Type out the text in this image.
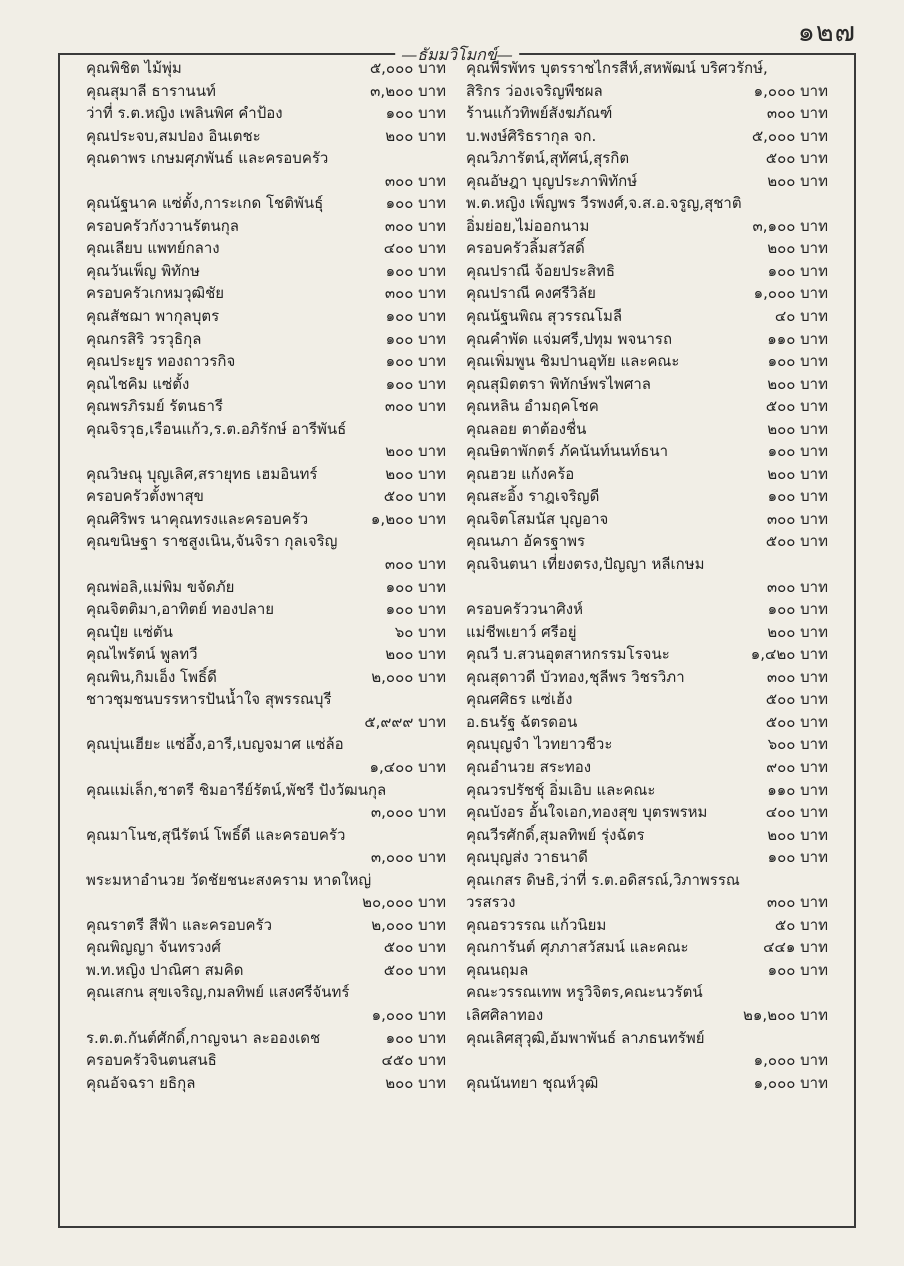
๑๒๗
— ธัมมวิโมกข์ —
คุณพิชิต ไม้พุ่ม	๕,๐๐๐ บาท
คุณสุมาลี ธารานนท์	๓,๒๐๐ บาท
ว่าที่ ร.ต.หญิง เพลินพิศ คำป้อง	๑๐๐ บาท
คุณประจบ,สมปอง อินเตชะ	๒๐๐ บาท
คุณดาพร เกษมศุภพันธ์ และครอบครัว
๓๐๐ บาท
คุณนัฐนาค แซ่ตั้ง,การะเกด โชติพันธุ์	๑๐๐ บาท
ครอบครัวกังวานรัตนกุล	๓๐๐ บาท
คุณเลียบ แพทย์กลาง	๔๐๐ บาท
คุณวันเพ็ญ พิทักษ	๑๐๐ บาท
ครอบครัวเกหมวุฒิชัย	๓๐๐ บาท
คุณสัชฌา พากุลบุตร	๑๐๐ บาท
คุณกรสิริ วรวุธิกุล	๑๐๐ บาท
คุณประยูร ทองถาวรกิจ	๑๐๐ บาท
คุณไชคิม แซ่ตั้ง	๑๐๐ บาท
คุณพรภิรมย์ รัตนธารี	๓๐๐ บาท
คุณจิรวุธ,เรือนแก้ว,ร.ต.อภิรักษ์ อารีพันธ์
๒๐๐ บาท
คุณวิษณุ บุญเลิศ,สรายุทธ เฮมอินทร์	๒๐๐ บาท
ครอบครัวตั้งพาสุข	๕๐๐ บาท
คุณศิริพร นาคุณทรงและครอบครัว	๑,๒๐๐ บาท
คุณขนิษฐา ราชสูงเนิน,จันจิรา กุลเจริญ
๓๐๐ บาท
คุณพ่อลิ,แม่พิม ขจัดภัย	๑๐๐ บาท
คุณจิตติมา,อาทิตย์ ทองปลาย	๑๐๐ บาท
คุณปุ๋ย แซ่ตัน	๖๐ บาท
คุณไพรัตน์ พูลทวี	๒๐๐ บาท
คุณพิน,กิมเอ็ง โพธิ์ดี	๒,๐๐๐ บาท
ชาวชุมชนบรรหารปันน้ำใจ สุพรรณบุรี
๕,๙๙๙ บาท
คุณบุ่นเฮียะ แซ่อึ้ง,อารี,เบญจมาศ แซ่ล้อ
๑,๔๐๐ บาท
คุณแม่เล็ก,ชาตรี ชิมอารีย์รัตน์,พัชรี ปังวัฒนกุล
๓,๐๐๐ บาท
คุณมาโนช,สุนีรัตน์ โพธิ์ดี และครอบครัว
๓,๐๐๐ บาท
พระมหาอำนวย วัดชัยชนะสงคราม หาดใหญ่
๒๐,๐๐๐ บาท
คุณราตรี สีฟ้า และครอบครัว	๒,๐๐๐ บาท
คุณพิญญา จันทรวงศ์	๕๐๐ บาท
พ.ท.หญิง ปาณิศา สมคิด	๕๐๐ บาท
คุณเสกน สุขเจริญ,กมลทิพย์ แสงศรีจันทร์
๑,๐๐๐ บาท
ร.ต.ต.กันต์ศักดิ์,กาญจนา ละอองเดช	๑๐๐ บาท
ครอบครัวจินตนสนธิ	๔๕๐ บาท
คุณอัจฉรา ยธิกุล	๒๐๐ บาท
คุณพีรพัทร บุตรราชไกรสีห์,สหพัฒน์ บริศวรักษ์,
สิริกร ว่องเจริญพืชผล	๑,๐๐๐ บาท
ร้านแก้วทิพย์สังฆภัณฑ์	๓๐๐ บาท
บ.พงษ์ศิริธรากุล จก.	๕,๐๐๐ บาท
คุณวิภารัตน์,สุทัศน์,สุรกิต	๕๐๐ บาท
คุณอัษฎา บุญประภาพิทักษ์	๒๐๐ บาท
พ.ต.หญิง เพ็ญพร วีรพงศ์,จ.ส.อ.จรูญ,สุชาติ
อิ่มย่อย,ไม่ออกนาม	๓,๑๐๐ บาท
ครอบครัวลิ้มสวัสดิ์	๒๐๐ บาท
คุณปราณี จ้อยประสิทธิ	๑๐๐ บาท
คุณปราณี คงศรีวิลัย	๑,๐๐๐ บาท
คุณนัฐนพิณ สุวรรณโมลี	๔๐ บาท
คุณคำพัด แจ่มศรี,ปทุม พจนารถ	๑๑๐ บาท
คุณเพิ่มพูน ชิมปานอุทัย และคณะ	๑๐๐ บาท
คุณสุมิตตรา พิทักษ์พรไพศาล	๒๐๐ บาท
คุณหลิน อำมฤคโชค	๕๐๐ บาท
คุณลอย ตาต้องชื่น	๒๐๐ บาท
คุณษิตาพักตร์ ภัคนันท์นนท์ธนา	๑๐๐ บาท
คุณฮวย แก้งคร้อ	๒๐๐ บาท
คุณสะอิ้ง ราฎเจริญดี	๑๐๐ บาท
คุณจิตโสมนัส บุญอาจ	๓๐๐ บาท
คุณนภา อัครฐาพร	๕๐๐ บาท
คุณจินตนา เที่ยงตรง,ปัญญา หลีเกษม
๓๐๐ บาท
ครอบครัววนาศิงห์	๑๐๐ บาท
แม่ชีพเยาว์ ศรีอยู่	๒๐๐ บาท
คุณวี บ.สวนอุตสาหกรรมโรจนะ	๑,๔๒๐ บาท
คุณสุดาวดี บัวทอง,ชุลีพร วิชรวิภา	๓๐๐ บาท
คุณศศิธร แซ่เฮ้ง	๕๐๐ บาท
อ.ธนรัฐ ฉัตรดอน	๕๐๐ บาท
คุณบุญจำ ไวทยาวชีวะ	๖๐๐ บาท
คุณอำนวย สระทอง	๙๐๐ บาท
คุณวรปรัชชุ์ อิ่มเอิบ และคณะ	๑๑๐ บาท
คุณบังอร อั้นใจเอก,ทองสุข บุตรพรหม	๔๐๐ บาท
คุณวีรศักดิ์,สุมลทิพย์ รุ่งฉัตร	๒๐๐ บาท
คุณบุญส่ง วาธนาดี	๑๐๐ บาท
คุณเกสร ดิษธิ,ว่าที่ ร.ต.อดิสรณ์,วิภาพรรณ
วรสรวง	๓๐๐ บาท
คุณอรวรรณ แก้วนิยม	๕๐ บาท
คุณการันต์ ศุภภาสวัสมน์ และคณะ	๔๔๑ บาท
คุณนฤมล	๑๐๐ บาท
คณะวรรณเทพ หรูวิจิตร,คณะนวรัตน์
เลิศศิลาทอง	๒๑,๒๐๐ บาท
คุณเลิศสุวุฒิ,อัมพาพันธ์ ลาภธนทรัพย์
๑,๐๐๐ บาท
คุณนันทยา ชุณห์วุฒิ	๑,๐๐๐ บาท
